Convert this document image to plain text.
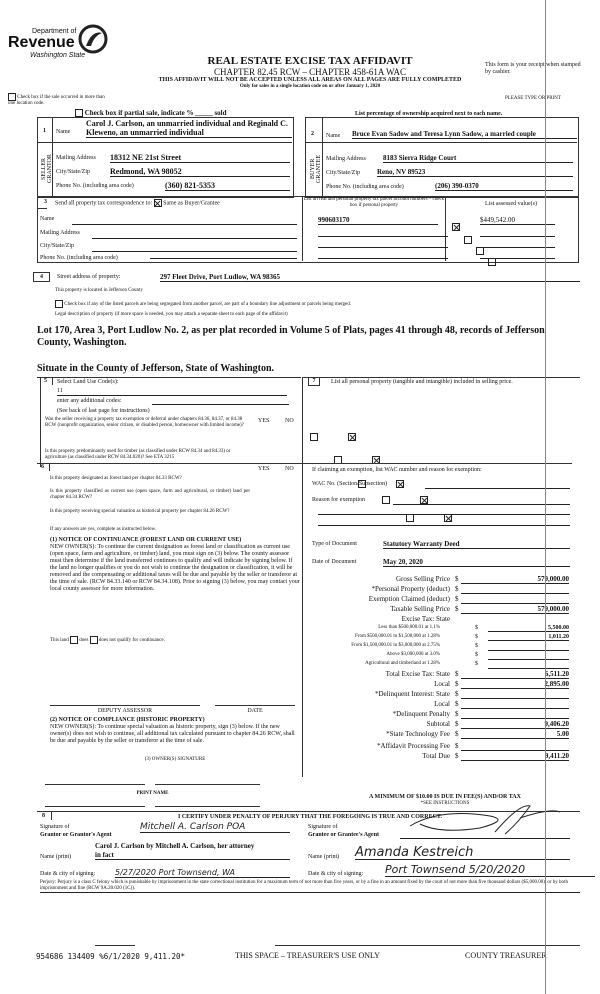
Department of
Revenue
Washington State	REAL ESTATE EXCISE TAX AFFIDAVIT
CHAPTER 82.45 RCW – CHAPTER 458-61A WAC
THIS AFFIDAVIT WILL NOT BE ACCEPTED UNLESS ALL AREAS ON ALL PAGES ARE FULLY COMPLETED
Only for sales in a single location code on or after January 1, 2020
This form is your receipt when stamped by cashier.
PLEASE TYPE OR PRINT
Check box if the sale occurred in more than one location code.
Check box if partial sale, indicate % _____ sold	List percentage of ownership acquired next to each name.
1
SELLER GRANTOR
Name
Carol J. Carlson, an unmarried individual and Reginald C.
Kleweno, an unmarried individual
Mailing Address 18312 NE 21st Street
City/State/Zip	Redmond, WA 98052
Phone No. (including area code)	(360) 821-5353
2
BUYER GRANTEE
Name Bruce Evan Sadow and Teresa Lynn Sadow, a married couple
Mailing Address 8183 Sierra Ridge Court
City/State/Zip Reno, NV 89523
Phone No. (including area code)	(206) 390-0370
3 Send all property tax correspondence to: Same as Buyer/Grantee
Name
Mailing Address
City/State/Zip
Phone No. (including area code)
List all real and personal property tax parcel account numbers – check box if personal property	List assessed value(s)
990603170
	$449,542.00

4	Street address of property:	297 Fleet Drive, Port Ludlow, WA 98365
This property is located in Jefferson County
Check box if any of the listed parcels are being segregated from another parcel, are part of a boundary line adjustment or parcels being merged.
Legal description of property (if more space is needed, you may attach a separate sheet to each page of the affidavit)
Lot 170, Area 3, Port Ludlow No. 2, as per plat recorded in Volume 5 of Plats, pages 41 through 48, records of Jefferson County, Washington.
Situate in the County of Jefferson, State of Washington.
5 Select Land Use Code(s):
11
enter any additional codes:
(See back of last page for instructions)
YES	NO
Was the seller receiving a property tax exemption or deferral under chapters 84.36, 84.37, or 84.38 RCW (nonprofit organization, senior citizen, or disabled person, homeowner with limited income)?

Is this property predominantly used for timber (as classified under RCW 84.34 and 84.33) or agriculture (as classified under RCW 84.34.020)? See ETA 3215

6	YES	NO
Is this property designated as forest land per chapter 84.33 RCW?

Is this property classified as current use (open space, farm and agricultural, or timber) land per chapter 84.34 RCW?

Is this property receiving special valuation as historical property per chapter 84.26 RCW?

If any answers are yes, complete as instructed below.
(1) NOTICE OF CONTINUANCE (FOREST LAND OR CURRENT USE)
NEW OWNER(S): To continue the current designation as forest land or classification as current use (open space, farm and agriculture, or timber) land, you must sign on (3) below. The county assessor must then determine if the land transferred continues to qualify and will indicate by signing below. If the land no longer qualifies or you do not wish to continue the designation or classification, it will be removed and the compensating or additional taxes will be due and payable by the seller or transferor at the time of sale. (RCW 84.33.140 or RCW 84.34.108). Prior to signing (3) below, you may contact your local county assessor for more information.
This land does does not qualify for continuance.
DEPUTY ASSESSOR	DATE
(2) NOTICE OF COMPLIANCE (HISTORIC PROPERTY)
NEW OWNER(S): To continue special valuation as historic property, sign (3) below. If the new owner(s) does not wish to continue, all additional tax calculated pursuant to chapter 84.26 RCW, shall be due and payable by the seller or transferor at the time of sale.
(3) OWNER(S) SIGNATURE
PRINT NAME
7	List all personal property (tangible and intangible) included in selling price.
If claiming an exemption, list WAC number and reason for exemption:
WAC No. (Section/Subsection)
Reason for exemption
Type of Document	Statutory Warranty Deed
Date of Document	May 20, 2020
Gross Selling Price $	579,000.00
*Personal Property (deduct) $
Exemption Claimed (deduct) $
Taxable Selling Price $	579,000.00
Excise Tax: State
Less than $500,000.01 at 1.1%	$	5,500.00
From $500,000.01 to $1,500,000 at 1.28%	$	1,011.20
From $1,500,000.01 to $3,000,000 at 2.75%	$
Above $3,000,000 at 3.0%	$
Agricultural and timberland at 1.28%	$
Total Excise Tax: State $	6,511.20
Local $	2,895.00
*Delinquent Interest: State $
Local $
*Delinquent Penalty $
Subtotal $	9,406.20
*State Technology Fee $	5.00
*Affidavit Processing Fee $
Total Due $	9,411.20
A MINIMUM OF $10.00 IS DUE IN FEE(S) AND/OR TAX
*SEE INSTRUCTIONS
8	I CERTIFY UNDER PENALTY OF PERJURY THAT THE FOREGOING IS TRUE AND CORRECT.
Signature of
Grantor or Grantor's Agent
Mitchell A. Carlson POA
Carol J. Carlson by Mitchell A. Carlson, her attorney
Name (print)	in fact
Date & city of signing: 5/27/2020 Port Townsend, WA
Signature of
Grantee or Grantee's Agent
Name (print) Amanda Kestreich
Date & city of signing: Port Townsend 5/20/2020
Perjury: Perjury is a class C felony which is punishable by imprisonment in the state correctional institution for a maximum term of not more than five years, or by a fine in an amount fixed by the court of not more than five thousand dollars ($5,000.00), or by both imprisonment and fine (RCW 9A.20.020 (1C)).
954686 134409 %6/1/2020 9,411.20*	THIS SPACE – TREASURER'S USE ONLY	COUNTY TREASURER
